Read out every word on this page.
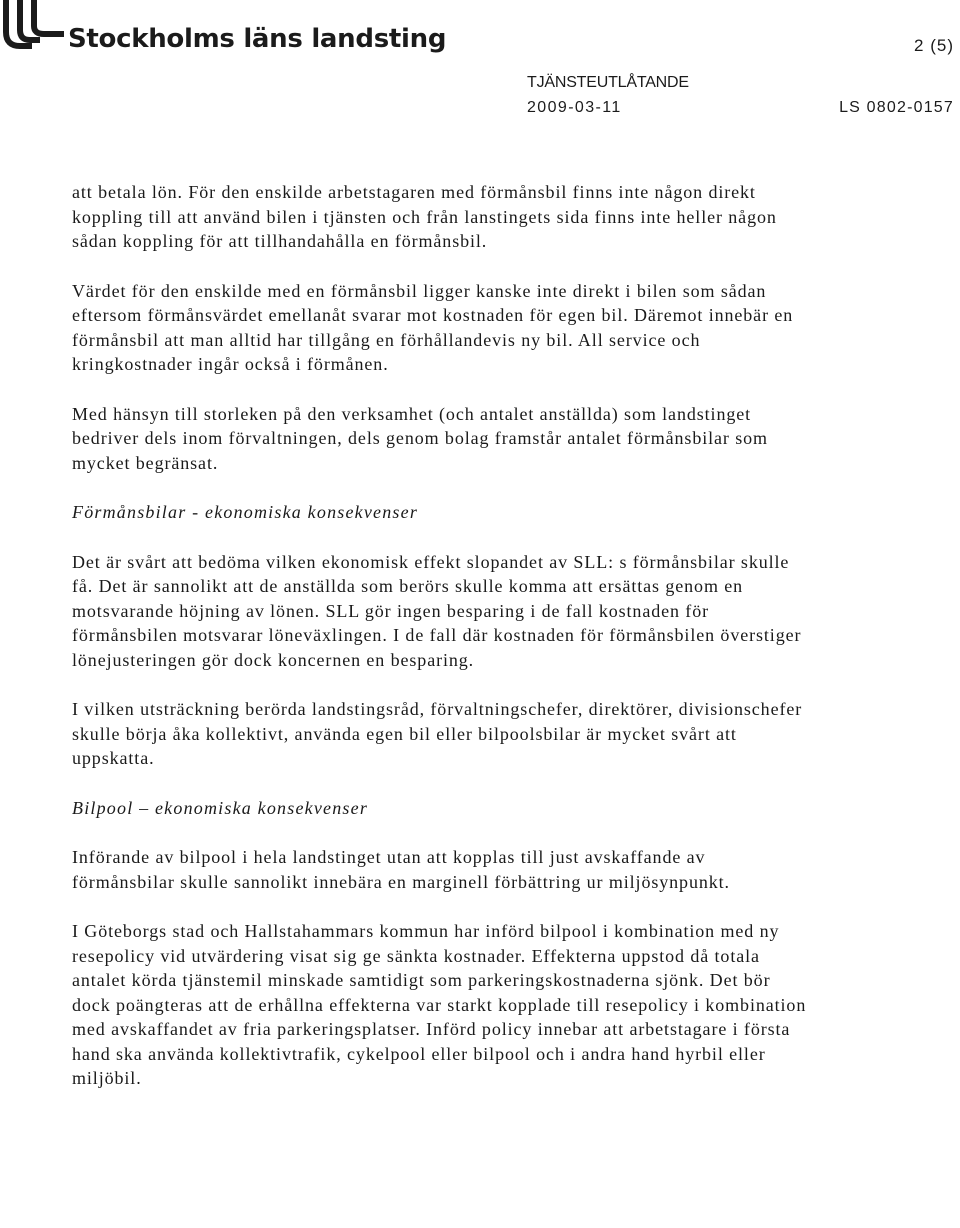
Stockholms läns landsting	2 (5)
TJÄNSTEUTLÅTANDE
2009-03-11	LS 0802-0157

att betala lön. För den enskilde arbetstagaren med förmånsbil finns inte någon direkt koppling till att använd bilen i tjänsten och från lanstingets sida finns inte heller någon sådan koppling för att tillhandahålla en förmånsbil.

Värdet för den enskilde med en förmånsbil ligger kanske inte direkt i bilen som sådan eftersom förmånsvärdet emellanåt svarar mot kostnaden för egen bil. Däremot innebär en förmånsbil att man alltid har tillgång en förhållandevis ny bil. All service och kringkostnader ingår också i förmånen.

Med hänsyn till storleken på den verksamhet (och antalet anställda) som landstinget bedriver dels inom förvaltningen, dels genom bolag framstår antalet förmånsbilar som mycket begränsat.

Förmånsbilar - ekonomiska konsekvenser

Det är svårt att bedöma vilken ekonomisk effekt slopandet av SLL: s förmånsbilar skulle få. Det är sannolikt att de anställda som berörs skulle komma att ersättas genom en motsvarande höjning av lönen. SLL gör ingen besparing i de fall kostnaden för förmånsbilen motsvarar löneväxlingen. I de fall där kostnaden för förmånsbilen överstiger lönejusteringen gör dock koncernen en besparing.

I vilken utsträckning berörda landstingsråd, förvaltningschefer, direktörer, divisionschefer skulle börja åka kollektivt, använda egen bil eller bilpoolsbilar är mycket svårt att uppskatta.

Bilpool – ekonomiska konsekvenser

Införande av bilpool i hela landstinget utan att kopplas till just avskaffande av förmånsbilar skulle sannolikt innebära en marginell förbättring ur miljösynpunkt.

I Göteborgs stad och Hallstahammars kommun har införd bilpool i kombination med ny resepolicy vid utvärdering visat sig ge sänkta kostnader. Effekterna uppstod då totala antalet körda tjänstemil minskade samtidigt som parkeringskostnaderna sjönk. Det bör dock poängteras att de erhållna effekterna var starkt kopplade till resepolicy i kombination med avskaffandet av fria parkeringsplatser. Införd policy innebar att arbetstagare i första hand ska använda kollektivtrafik, cykelpool eller bilpool och i andra hand hyrbil eller miljöbil.
